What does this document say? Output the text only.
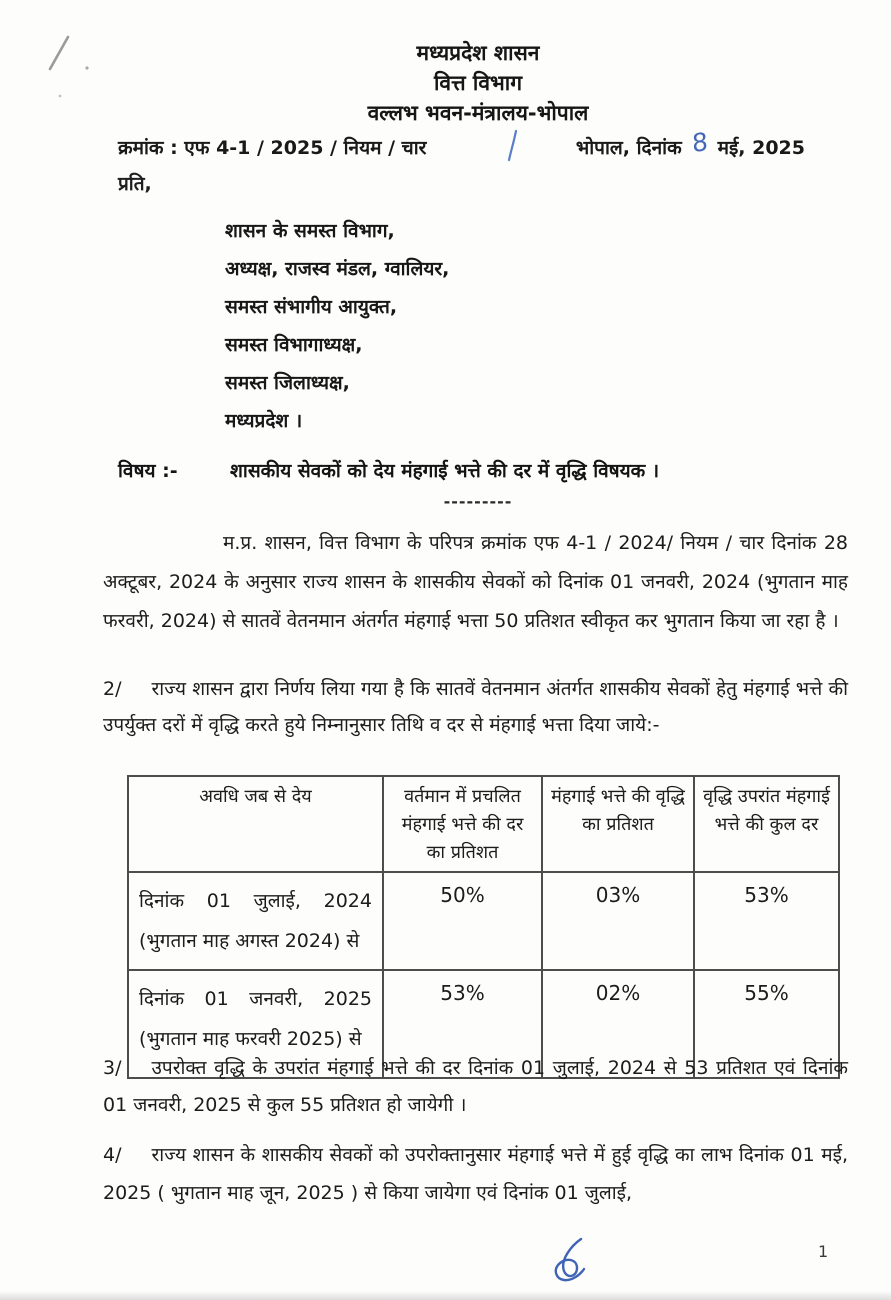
मध्यप्रदेश शासन
वित्त विभाग
वल्लभ भवन-मंत्रालय-भोपाल
क्रमांक : एफ 4-1 / 2025 / नियम / चार	भोपाल, दिनांक 8 मई, 2025
प्रति,
शासन के समस्त विभाग,
अध्यक्ष, राजस्व मंडल, ग्वालियर,
समस्त संभागीय आयुक्त,
समस्त विभागाध्यक्ष,
समस्त जिलाध्यक्ष,
मध्यप्रदेश ।
विषय :-	शासकीय सेवकों को देय मंहगाई भत्ते की दर में वृद्धि विषयक ।
---------
म.प्र. शासन, वित्त विभाग के परिपत्र क्रमांक एफ 4-1 / 2024/ नियम / चार दिनांक 28 अक्टूबर, 2024 के अनुसार राज्य शासन के शासकीय सेवकों को दिनांक 01 जनवरी, 2024 (भुगतान माह फरवरी, 2024) से सातवें वेतनमान अंतर्गत मंहगाई भत्ता 50 प्रतिशत स्वीकृत कर भुगतान किया जा रहा है ।
2/ राज्य शासन द्वारा निर्णय लिया गया है कि सातवें वेतनमान अंतर्गत शासकीय सेवकों हेतु मंहगाई भत्ते की उपर्युक्त दरों में वृद्धि करते हुये निम्नानुसार तिथि व दर से मंहगाई भत्ता दिया जाये:-
अवधि जब से देय	वर्तमान में प्रचलित मंहगाई भत्ते की दर का प्रतिशत	मंहगाई भत्ते की वृद्धि का प्रतिशत	वृद्धि उपरांत मंहगाई भत्ते की कुल दर
दिनांक 01 जुलाई, 2024 (भुगतान माह अगस्त 2024) से	50%	03%	53%
दिनांक 01 जनवरी, 2025 (भुगतान माह फरवरी 2025) से	53%	02%	55%
3/ उपरोक्त वृद्धि के उपरांत मंहगाई भत्ते की दर दिनांक 01 जुलाई, 2024 से 53 प्रतिशत एवं दिनांक 01 जनवरी, 2025 से कुल 55 प्रतिशत हो जायेगी ।
4/ राज्य शासन के शासकीय सेवकों को उपरोक्तानुसार मंहगाई भत्ते में हुई वृद्धि का लाभ दिनांक 01 मई, 2025 ( भुगतान माह जून, 2025 ) से किया जायेगा एवं दिनांक 01 जुलाई,
1
